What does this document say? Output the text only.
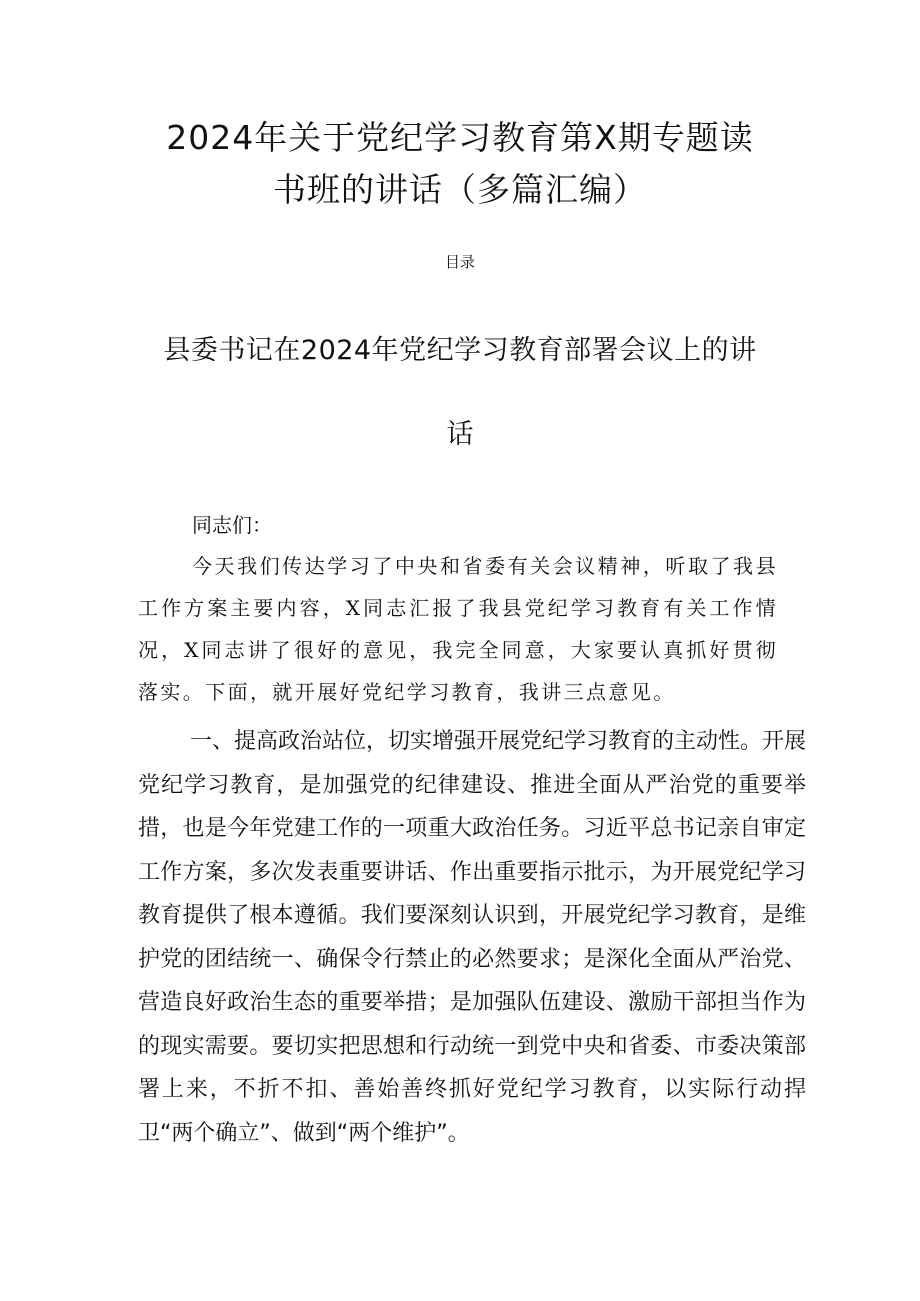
2024年关于党纪学习教育第X期专题读书班的讲话（多篇汇编）
目录
县委书记在2024年党纪学习教育部署会议上的讲
话
同志们：
今天我们传达学习了中央和省委有关会议精神，听取了我县工作方案主要内容，X同志汇报了我县党纪学习教育有关工作情况，X同志讲了很好的意见，我完全同意，大家要认真抓好贯彻落实。下面，就开展好党纪学习教育，我讲三点意见。
一、提高政治站位，切实增强开展党纪学习教育的主动性。开展党纪学习教育，是加强党的纪律建设、推进全面从严治党的重要举措，也是今年党建工作的一项重大政治任务。习近平总书记亲自审定工作方案，多次发表重要讲话、作出重要指示批示，为开展党纪学习教育提供了根本遵循。我们要深刻认识到，开展党纪学习教育，是维护党的团结统一、确保令行禁止的必然要求；是深化全面从严治党、营造良好政治生态的重要举措；是加强队伍建设、激励干部担当作为的现实需要。要切实把思想和行动统一到党中央和省委、市委决策部署上来，不折不扣、善始善终抓好党纪学习教育，以实际行动捍卫“两个确立”、做到“两个维护”。
